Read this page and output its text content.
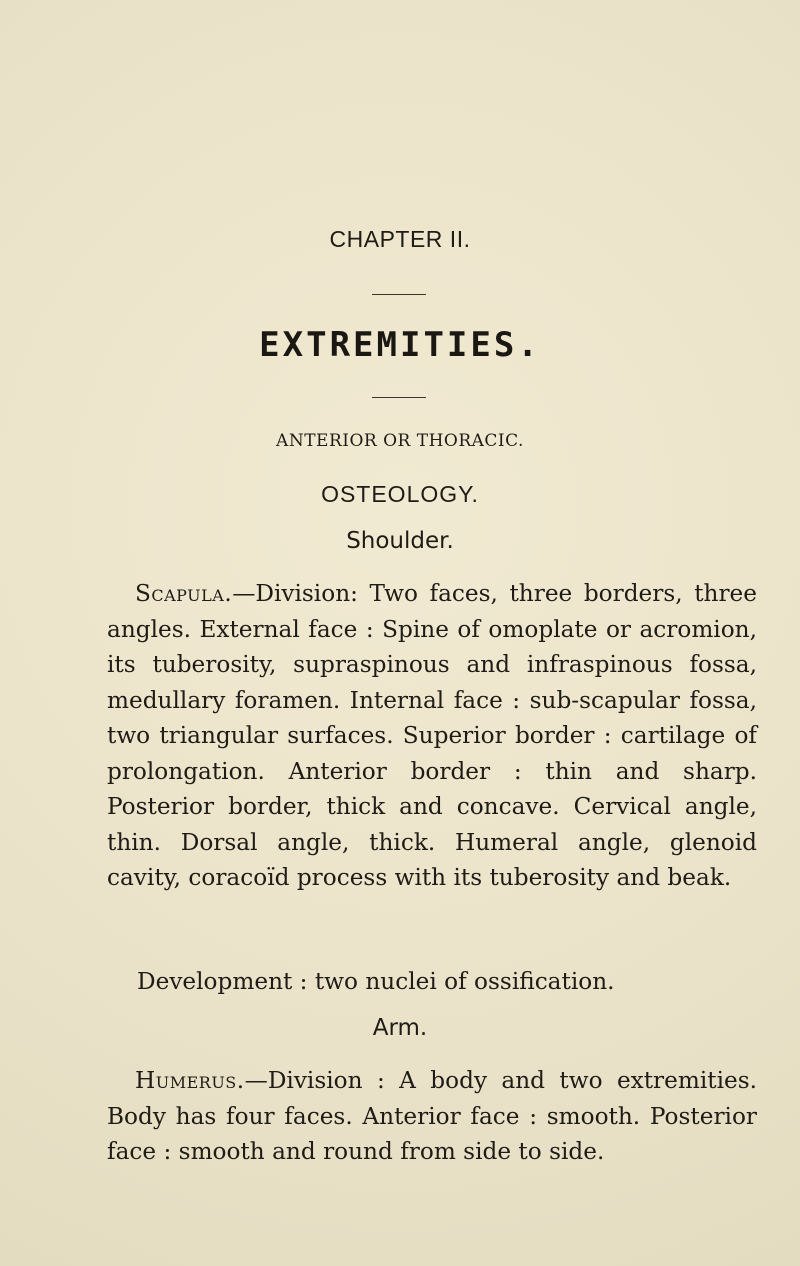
CHAPTER II.
EXTREMITIES.
ANTERIOR OR THORACIC.
OSTEOLOGY.
Shoulder.
Scapula.—Division: Two faces, three borders, three angles. External face : Spine of omoplate or acromion, its tuberosity, supraspinous and infraspinous fossa, medullary foramen. Internal face : sub-scapular fossa, two triangular surfaces. Superior border : cartilage of prolongation. Anterior border : thin and sharp. Posterior border, thick and concave. Cervical angle, thin. Dorsal angle, thick. Humeral angle, glenoid cavity, coracoïd process with its tuberosity and beak.
Development : two nuclei of ossification.
Arm.
Humerus.—Division : A body and two extremities. Body has four faces. Anterior face : smooth. Posterior face : smooth and round from side to side.
